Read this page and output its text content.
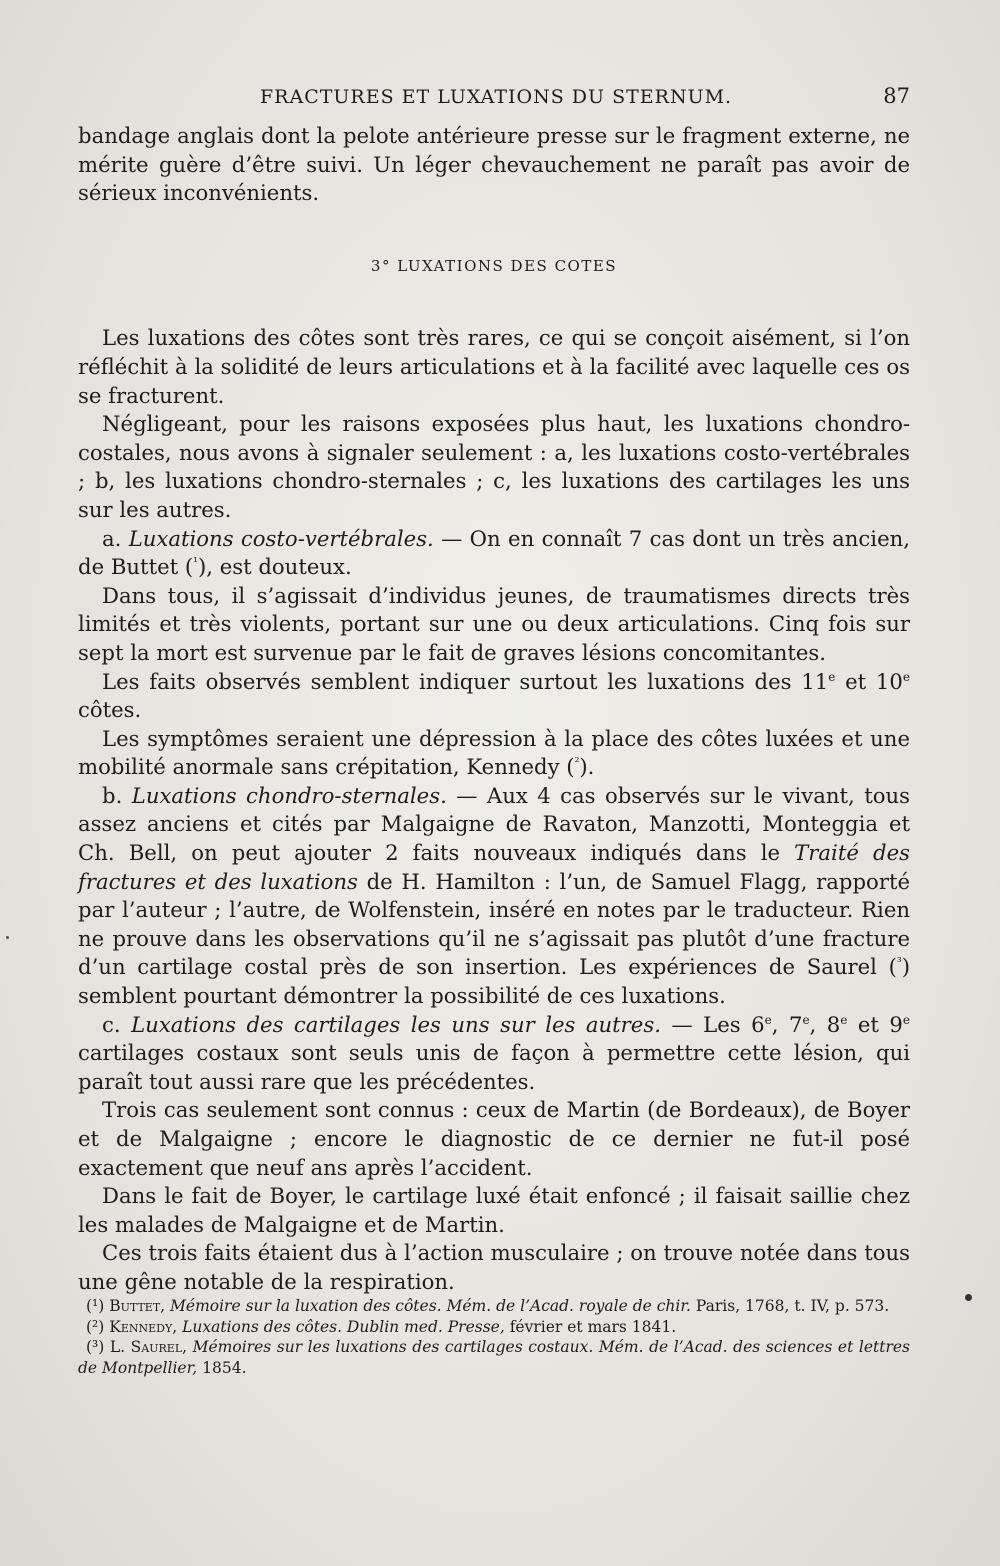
FRACTURES ET LUXATIONS DU STERNUM.	87

bandage anglais dont la pelote antérieure presse sur le fragment externe, ne mérite guère d’être suivi. Un léger chevauchement ne paraît pas avoir de sérieux inconvénients.

3° LUXATIONS DES COTES

Les luxations des côtes sont très rares, ce qui se conçoit aisément, si l’on réfléchit à la solidité de leurs articulations et à la facilité avec laquelle ces os se fracturent.

Négligeant, pour les raisons exposées plus haut, les luxations chondro-costales, nous avons à signaler seulement : a, les luxations costo-vertébrales ; b, les luxations chondro-sternales ; c, les luxations des cartilages les uns sur les autres.

a. Luxations costo-vertébrales. — On en connaît 7 cas dont un très ancien, de Buttet ($^{^1}$), est douteux.

Dans tous, il s’agissait d’individus jeunes, de traumatismes directs très limités et très violents, portant sur une ou deux articulations. Cinq fois sur sept la mort est survenue par le fait de graves lésions concomitantes.

Les faits observés semblent indiquer surtout les luxations des 11e et 10e côtes.

Les symptômes seraient une dépression à la place des côtes luxées et une mobilité anormale sans crépitation, Kennedy ($^{^2}$).

b. Luxations chondro-sternales. — Aux 4 cas observés sur le vivant, tous assez anciens et cités par Malgaigne de Ravaton, Manzotti, Monteggia et Ch. Bell, on peut ajouter 2 faits nouveaux indiqués dans le Traité des fractures et des luxations de H. Hamilton : l’un, de Samuel Flagg, rapporté par l’auteur ; l’autre, de Wolfenstein, inséré en notes par le traducteur. Rien ne prouve dans les observations qu’il ne s’agissait pas plutôt d’une fracture d’un cartilage costal près de son insertion. Les expériences de Saurel ($^{^3}$) semblent pourtant démontrer la possibilité de ces luxations.

c. Luxations des cartilages les uns sur les autres. — Les 6e, 7e, 8e et 9e cartilages costaux sont seuls unis de façon à permettre cette lésion, qui paraît tout aussi rare que les précédentes.

Trois cas seulement sont connus : ceux de Martin (de Bordeaux), de Boyer et de Malgaigne ; encore le diagnostic de ce dernier ne fut-il posé exactement que neuf ans après l’accident.

Dans le fait de Boyer, le cartilage luxé était enfoncé ; il faisait saillie chez les malades de Malgaigne et de Martin.

Ces trois faits étaient dus à l’action musculaire ; on trouve notée dans tous une gêne notable de la respiration.

(¹) Buttet, Mémoire sur la luxation des côtes. Mém. de l’Acad. royale de chir. Paris, 1768, t. IV, p. 573.

(²) Kennedy, Luxations des côtes. Dublin med. Presse, février et mars 1841.

(³) L. Saurel, Mémoires sur les luxations des cartilages costaux. Mém. de l’Acad. des sciences et lettres de Montpellier, 1854.
